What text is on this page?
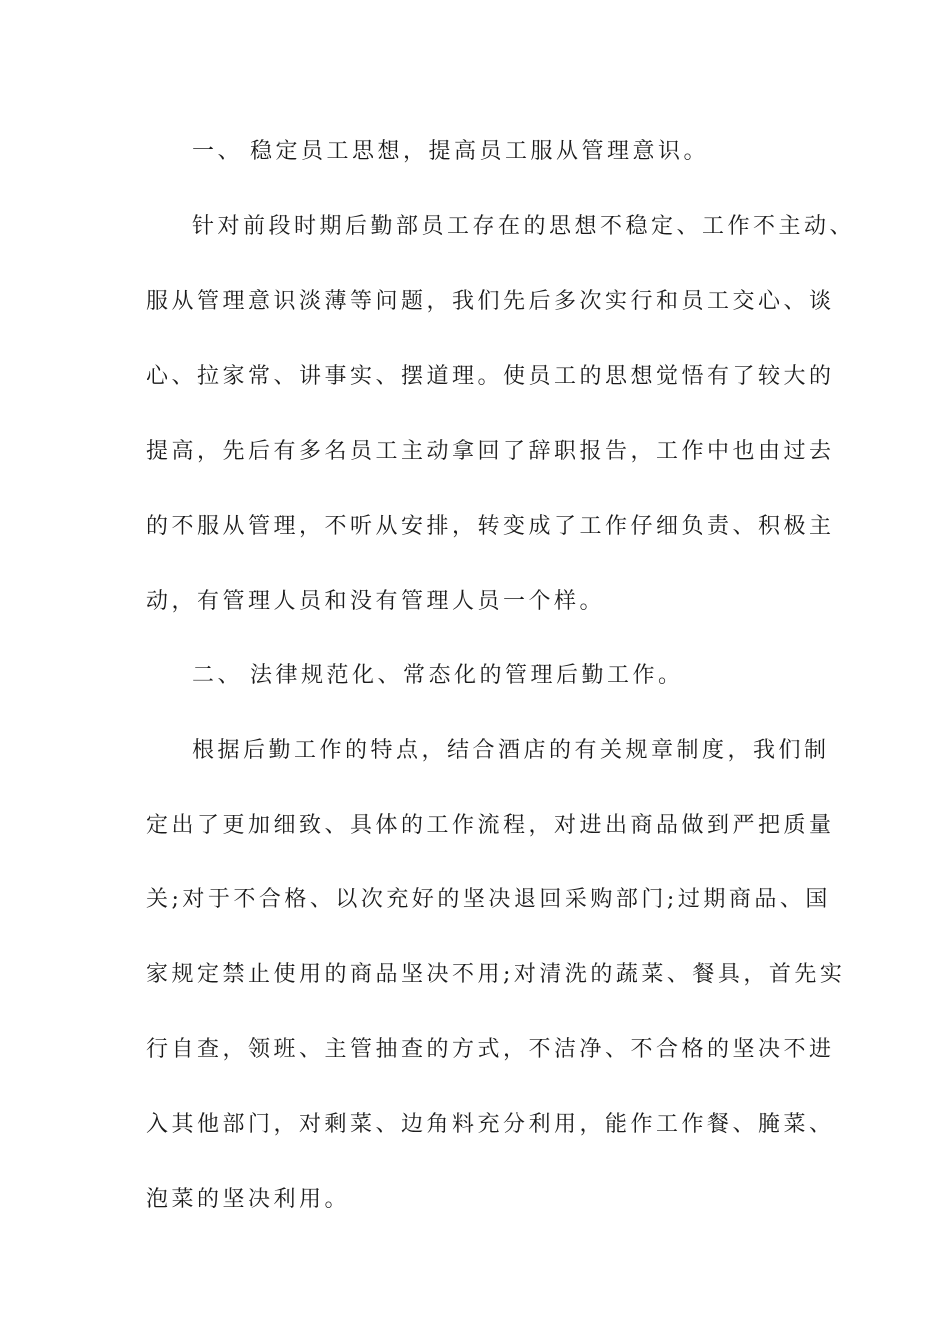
一、 稳定员工思想，提高员工服从管理意识。
针对前段时期后勤部员工存在的思想不稳定、工作不主动、
服从管理意识淡薄等问题，我们先后多次实行和员工交心、谈
心、拉家常、讲事实、摆道理。使员工的思想觉悟有了较大的
提高，先后有多名员工主动拿回了辞职报告，工作中也由过去
的不服从管理，不听从安排，转变成了工作仔细负责、积极主
动，有管理人员和没有管理人员一个样。
二、 法律规范化、常态化的管理后勤工作。
根据后勤工作的特点，结合酒店的有关规章制度，我们制
定出了更加细致、具体的工作流程，对进出商品做到严把质量
关;对于不合格、以次充好的坚决退回采购部门;过期商品、国
家规定禁止使用的商品坚决不用;对清洗的蔬菜、餐具，首先实
行自查，领班、主管抽查的方式，不洁净、不合格的坚决不进
入其他部门，对剩菜、边角料充分利用，能作工作餐、腌菜、
泡菜的坚决利用。
